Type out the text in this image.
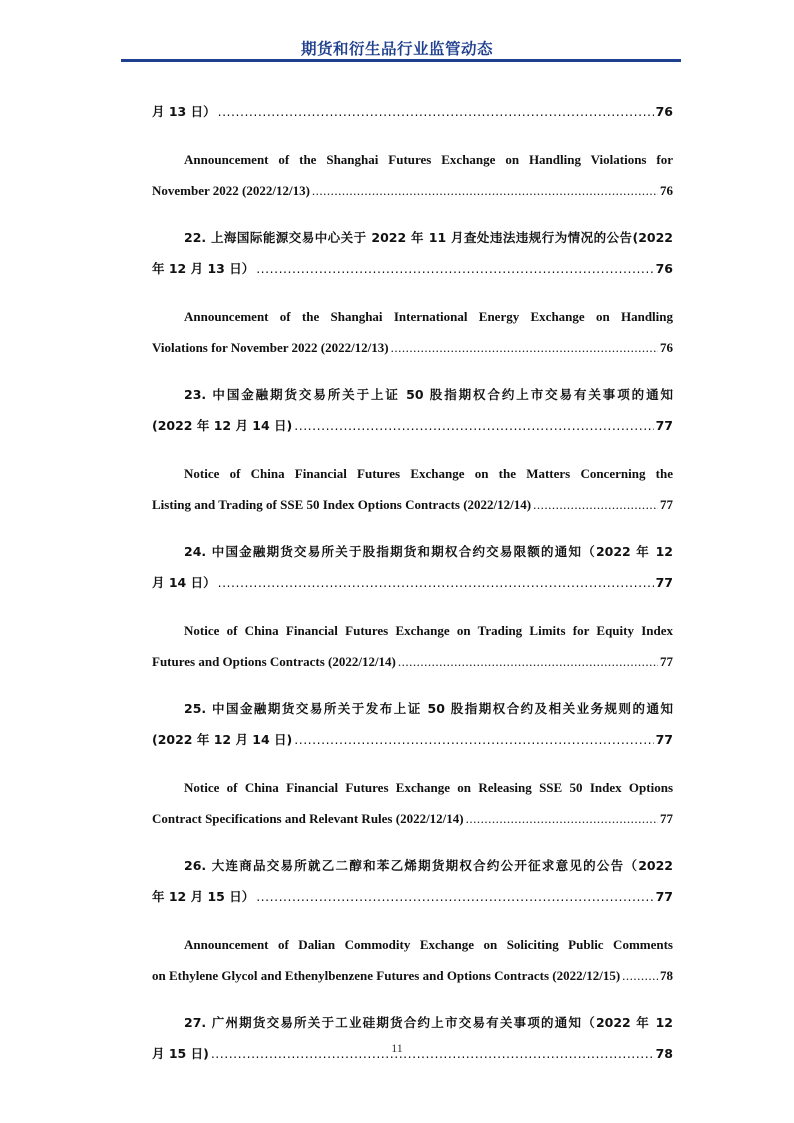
期货和衍生品行业监管动态
月 13 日） .....	76
Announcement of the Shanghai Futures Exchange on Handling Violations for
November 2022 (2022/12/13) .....	76
22. 上海国际能源交易中心关于 2022 年 11 月查处违法违规行为情况的公告(2022
年 12 月 13 日） .....	76
Announcement of the Shanghai International Energy Exchange on Handling
Violations for November 2022 (2022/12/13) .....	76
23. 中国金融期货交易所关于上证 50 股指期权合约上市交易有关事项的通知
(2022 年 12 月 14 日) .....	77
Notice of China Financial Futures Exchange on the Matters Concerning the
Listing and Trading of SSE 50 Index Options Contracts (2022/12/14) .....	77
24. 中国金融期货交易所关于股指期货和期权合约交易限额的通知（2022 年 12
月 14 日） .....	77
Notice of China Financial Futures Exchange on Trading Limits for Equity Index
Futures and Options Contracts (2022/12/14) .....	77
25. 中国金融期货交易所关于发布上证 50 股指期权合约及相关业务规则的通知
(2022 年 12 月 14 日) .....	77
Notice of China Financial Futures Exchange on Releasing SSE 50 Index Options
Contract Specifications and Relevant Rules (2022/12/14) .....	77
26. 大连商品交易所就乙二醇和苯乙烯期货期权合约公开征求意见的公告（2022
年 12 月 15 日） .....	77
Announcement of Dalian Commodity Exchange on Soliciting Public Comments
on Ethylene Glycol and Ethenylbenzene Futures and Options Contracts (2022/12/15) .....	78
27. 广州期货交易所关于工业硅期货合约上市交易有关事项的通知（2022 年 12
月 15 日) .....	78
11
